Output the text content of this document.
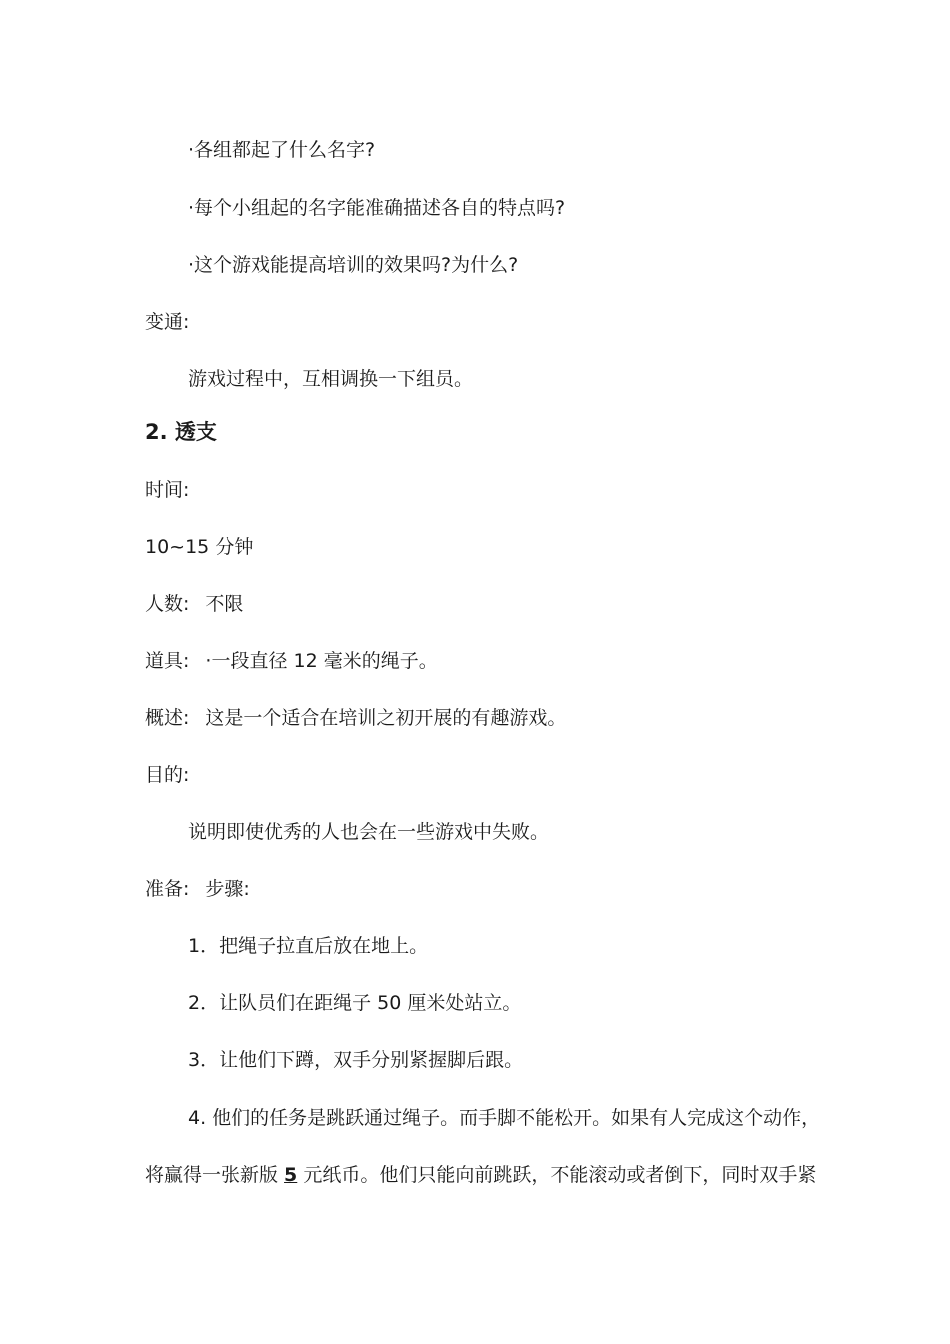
·各组都起了什么名字?
·每个小组起的名字能准确描述各自的特点吗?
·这个游戏能提高培训的效果吗?为什么?
变通:
游戏过程中，互相调换一下组员。
2. 透支
时间:
10~15 分钟
人数: 不限
道具: ·一段直径 12 毫米的绳子。
概述: 这是一个适合在培训之初开展的有趣游戏。
目的:
说明即使优秀的人也会在一些游戏中失败。
准备: 步骤:
1．把绳子拉直后放在地上。
2．让队员们在距绳子 50 厘米处站立。
3．让他们下蹲，双手分别紧握脚后跟。
4. 他们的任务是跳跃通过绳子。而手脚不能松开。如果有人完成这个动作，
将赢得一张新版 5 元纸币。他们只能向前跳跃，不能滚动或者倒下，同时双手紧
